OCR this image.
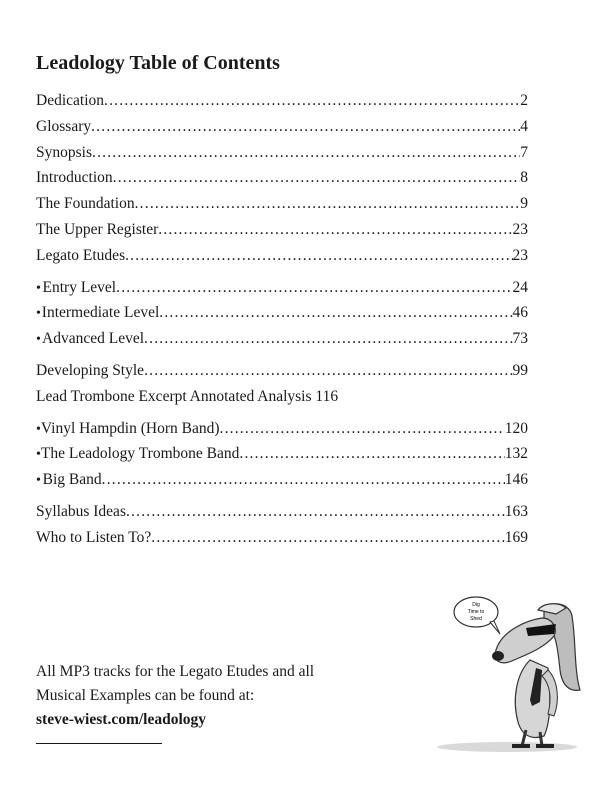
Leadology Table of Contents
Dedication .....	2
Glossary .....	4
Synopsis .....	7
Introduction .....	8
The Foundation .....	9
The Upper Register .....	23
Legato Etudes .....	23
• Entry Level .....	24
• Intermediate Level .....	46
• Advanced Level .....	73
Developing Style .....	99
Lead Trombone Excerpt Annotated Analysis 116
• Vinyl Hampdin (Horn Band) .....	120
• The Leadology Trombone Band .....	132
• Big Band .....	146
Syllabus Ideas .....	163
Who to Listen To? .....	169
All MP3 tracks for the Legato Etudes and all
Musical Examples can be found at:
steve-wiest.com/leadology
Dig
Time to
Shed
